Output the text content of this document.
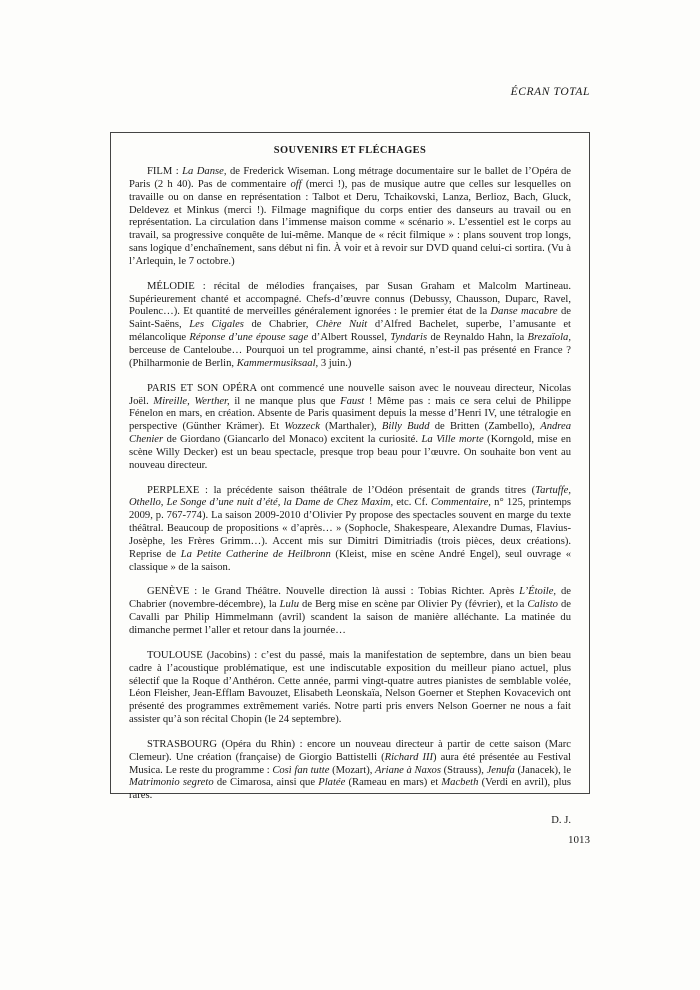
ÉCRAN TOTAL
SOUVENIRS ET FLÉCHAGES

FILM : La Danse, de Frederick Wiseman. Long métrage documentaire sur le ballet de l’Opéra de Paris (2 h 40). Pas de commentaire off (merci !), pas de musique autre que celles sur lesquelles on travaille ou on danse en représentation : Talbot et Deru, Tchaikovski, Lanza, Berlioz, Bach, Gluck, Deldevez et Minkus (merci !). Filmage magnifique du corps entier des danseurs au travail ou en représentation. La circulation dans l’immense maison comme « scénario ». L’essentiel est le corps au travail, sa progressive conquête de lui-même. Manque de « récit filmique » : plans souvent trop longs, sans logique d’enchaînement, sans début ni fin. À voir et à revoir sur DVD quand celui-ci sortira. (Vu à l’Arlequin, le 7 octobre.)

MÉLODIE : récital de mélodies françaises, par Susan Graham et Malcolm Martineau. Supérieurement chanté et accompagné. Chefs-d’œuvre connus (Debussy, Chausson, Duparc, Ravel, Poulenc…). Et quantité de merveilles généralement ignorées : le premier état de la Danse macabre de Saint-Saëns, Les Cigales de Chabrier, Chère Nuit d’Alfred Bachelet, superbe, l’amusante et mélancolique Réponse d’une épouse sage d’Albert Roussel, Tyndaris de Reynaldo Hahn, la Brezaïola, berceuse de Canteloube… Pourquoi un tel programme, ainsi chanté, n’est-il pas présenté en France ? (Philharmonie de Berlin, Kammermusiksaal, 3 juin.)

PARIS ET SON OPÉRA ont commencé une nouvelle saison avec le nouveau directeur, Nicolas Joël. Mireille, Werther, il ne manque plus que Faust ! Même pas : mais ce sera celui de Philippe Fénelon en mars, en création. Absente de Paris quasiment depuis la messe d’Henri IV, une tétralogie en perspective (Günther Krämer). Et Wozzeck (Marthaler), Billy Budd de Britten (Zambello), Andrea Chenier de Giordano (Giancarlo del Monaco) excitent la curiosité. La Ville morte (Korngold, mise en scène Willy Decker) est un beau spectacle, presque trop beau pour l’œuvre. On souhaite bon vent au nouveau directeur.

PERPLEXE : la précédente saison théâtrale de l’Odéon présentait de grands titres (Tartuffe, Othello, Le Songe d’une nuit d’été, la Dame de Chez Maxim, etc. Cf. Commentaire, n° 125, printemps 2009, p. 767-774). La saison 2009-2010 d’Olivier Py propose des spectacles souvent en marge du texte théâtral. Beaucoup de propositions « d’après… » (Sophocle, Shakespeare, Alexandre Dumas, Flavius-Josèphe, les Frères Grimm…). Accent mis sur Dimitri Dimitriadis (trois pièces, deux créations). Reprise de La Petite Catherine de Heilbronn (Kleist, mise en scène André Engel), seul ouvrage « classique » de la saison.

GENÈVE : le Grand Théâtre. Nouvelle direction là aussi : Tobias Richter. Après L’Étoile, de Chabrier (novembre-décembre), la Lulu de Berg mise en scène par Olivier Py (février), et la Calisto de Cavalli par Philip Himmelmann (avril) scandent la saison de manière alléchante. La matinée du dimanche permet l’aller et retour dans la journée…

TOULOUSE (Jacobins) : c’est du passé, mais la manifestation de septembre, dans un bien beau cadre à l’acoustique problématique, est une indiscutable exposition du meilleur piano actuel, plus sélectif que la Roque d’Anthéron. Cette année, parmi vingt-quatre autres pianistes de semblable volée, Léon Fleisher, Jean-Efflam Bavouzet, Elisabeth Leonskaïa, Nelson Goerner et Stephen Kovacevich ont présenté des programmes extrêmement variés. Notre parti pris envers Nelson Goerner ne nous a fait assister qu’à son récital Chopin (le 24 septembre).

STRASBOURG (Opéra du Rhin) : encore un nouveau directeur à partir de cette saison (Marc Clemeur). Une création (française) de Giorgio Battistelli (Richard III) aura été présentée au Festival Musica. Le reste du programme : Così fan tutte (Mozart), Ariane à Naxos (Strauss), Jenufa (Janacek), le Matrimonio segreto de Cimarosa, ainsi que Platée (Rameau en mars) et Macbeth (Verdi en avril), plus rares.

D. J.
1013
